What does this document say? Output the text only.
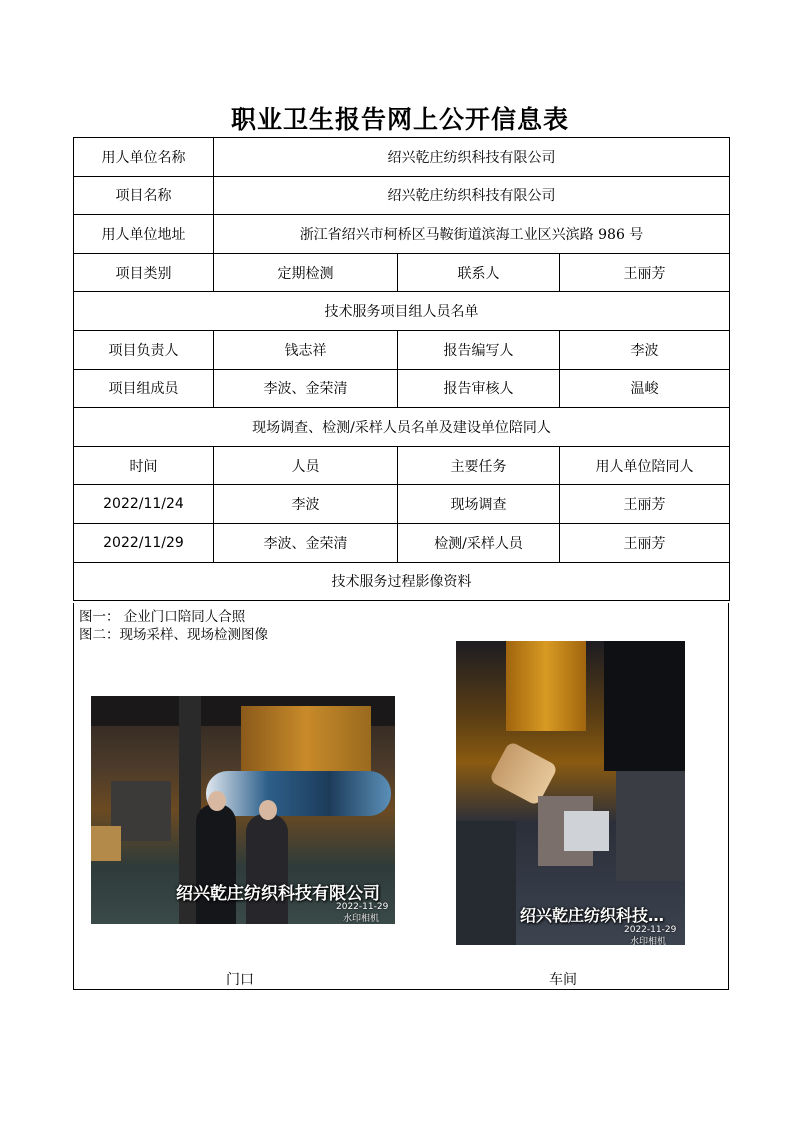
职业卫生报告网上公开信息表
用人单位名称	绍兴乾庄纺织科技有限公司		
项目名称	绍兴乾庄纺织科技有限公司		
用人单位地址	浙江省绍兴市柯桥区马鞍街道滨海工业区兴滨路 986 号		
项目类别	定期检测	联系人	王丽芳
技术服务项目组人员名单			
项目负责人	钱志祥	报告编写人	李波
项目组成员	李波、金荣清	报告审核人	温峻
现场调查、检测/采样人员名单及建设单位陪同人			
时间	人员	主要任务	用人单位陪同人
2022/11/24	李波	现场调查	王丽芳
2022/11/29	李波、金荣清	检测/采样人员	王丽芳
技术服务过程影像资料			
图一： 企业门口陪同人合照
图二：现场采样、现场检测图像
绍兴乾庄纺织科技有限公司
2022-11-29
水印相机	绍兴乾庄纺织科技…
2022-11-29
水印相机
门口	车间
